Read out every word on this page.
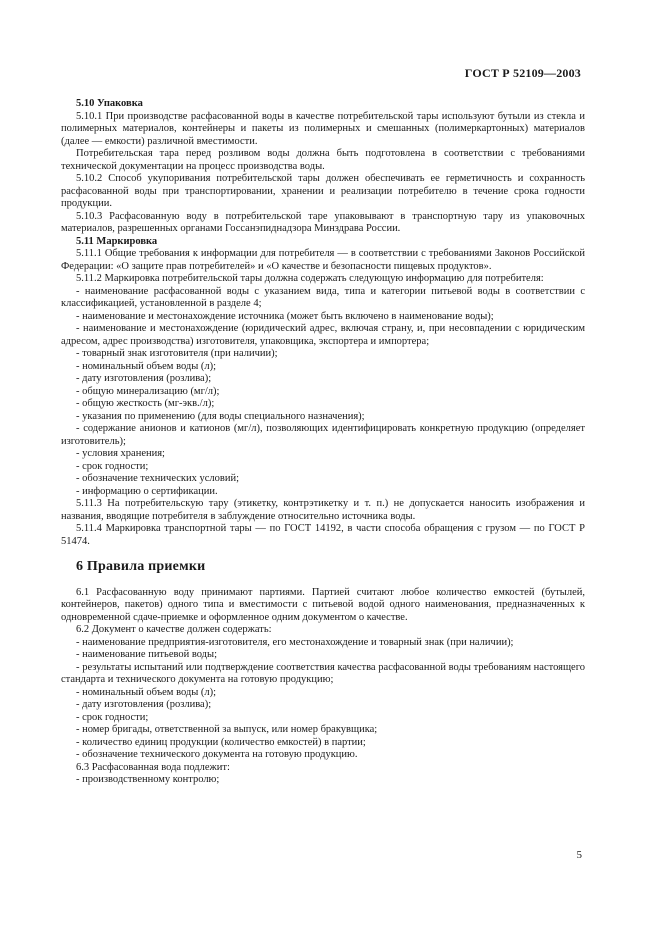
ГОСТ Р 52109—2003
5.10 Упаковка

5.10.1 При производстве расфасованной воды в качестве потребительской тары используют бутыли из стекла и полимерных материалов, контейнеры и пакеты из полимерных и смешанных (полимеркартонных) материалов (далее — емкости) различной вместимости.

Потребительская тара перед розливом воды должна быть подготовлена в соответствии с требованиями технической документации на процесс производства воды.

5.10.2 Способ укупоривания потребительской тары должен обеспечивать ее герметичность и сохранность расфасованной воды при транспортировании, хранении и реализации потребителю в течение срока годности продукции.

5.10.3 Расфасованную воду в потребительской таре упаковывают в транспортную тару из упаковочных материалов, разрешенных органами Госсанэпиднадзора Минздрава России.

5.11 Маркировка

5.11.1 Общие требования к информации для потребителя — в соответствии с требованиями Законов Российской Федерации: «О защите прав потребителей» и «О качестве и безопасности пищевых продуктов».

5.11.2 Маркировка потребительской тары должна содержать следующую информацию для потребителя:

- наименование расфасованной воды с указанием вида, типа и категории питьевой воды в соответствии с классификацией, установленной в разделе 4;

- наименование и местонахождение источника (может быть включено в наименование воды);

- наименование и местонахождение (юридический адрес, включая страну, и, при несовпадении с юридическим адресом, адрес производства) изготовителя, упаковщика, экспортера и импортера;

- товарный знак изготовителя (при наличии);

- номинальный объем воды (л);

- дату изготовления (розлива);

- общую минерализацию (мг/л);

- общую жесткость (мг-экв./л);

- указания по применению (для воды специального назначения);

- содержание анионов и катионов (мг/л), позволяющих идентифицировать конкретную продукцию (определяет изготовитель);

- условия хранения;

- срок годности;

- обозначение технических условий;

- информацию о сертификации.

5.11.3 На потребительскую тару (этикетку, контрэтикетку и т. п.) не допускается наносить изображения и названия, вводящие потребителя в заблуждение относительно источника воды.

5.11.4 Маркировка транспортной тары — по ГОСТ 14192, в части способа обращения с грузом — по ГОСТ Р 51474.

6 Правила приемки

6.1 Расфасованную воду принимают партиями. Партией считают любое количество емкостей (бутылей, контейнеров, пакетов) одного типа и вместимости с питьевой водой одного наименования, предназначенных к одновременной сдаче-приемке и оформленное одним документом о качестве.

6.2 Документ о качестве должен содержать:

- наименование предприятия-изготовителя, его местонахождение и товарный знак (при наличии);

- наименование питьевой воды;

- результаты испытаний или подтверждение соответствия качества расфасованной воды требованиям настоящего стандарта и технического документа на готовую продукцию;

- номинальный объем воды (л);

- дату изготовления (розлива);

- срок годности;

- номер бригады, ответственной за выпуск, или номер бракувщика;

- количество единиц продукции (количество емкостей) в партии;

- обозначение технического документа на готовую продукцию.

6.3 Расфасованная вода подлежит:

- производственному контролю;

5
